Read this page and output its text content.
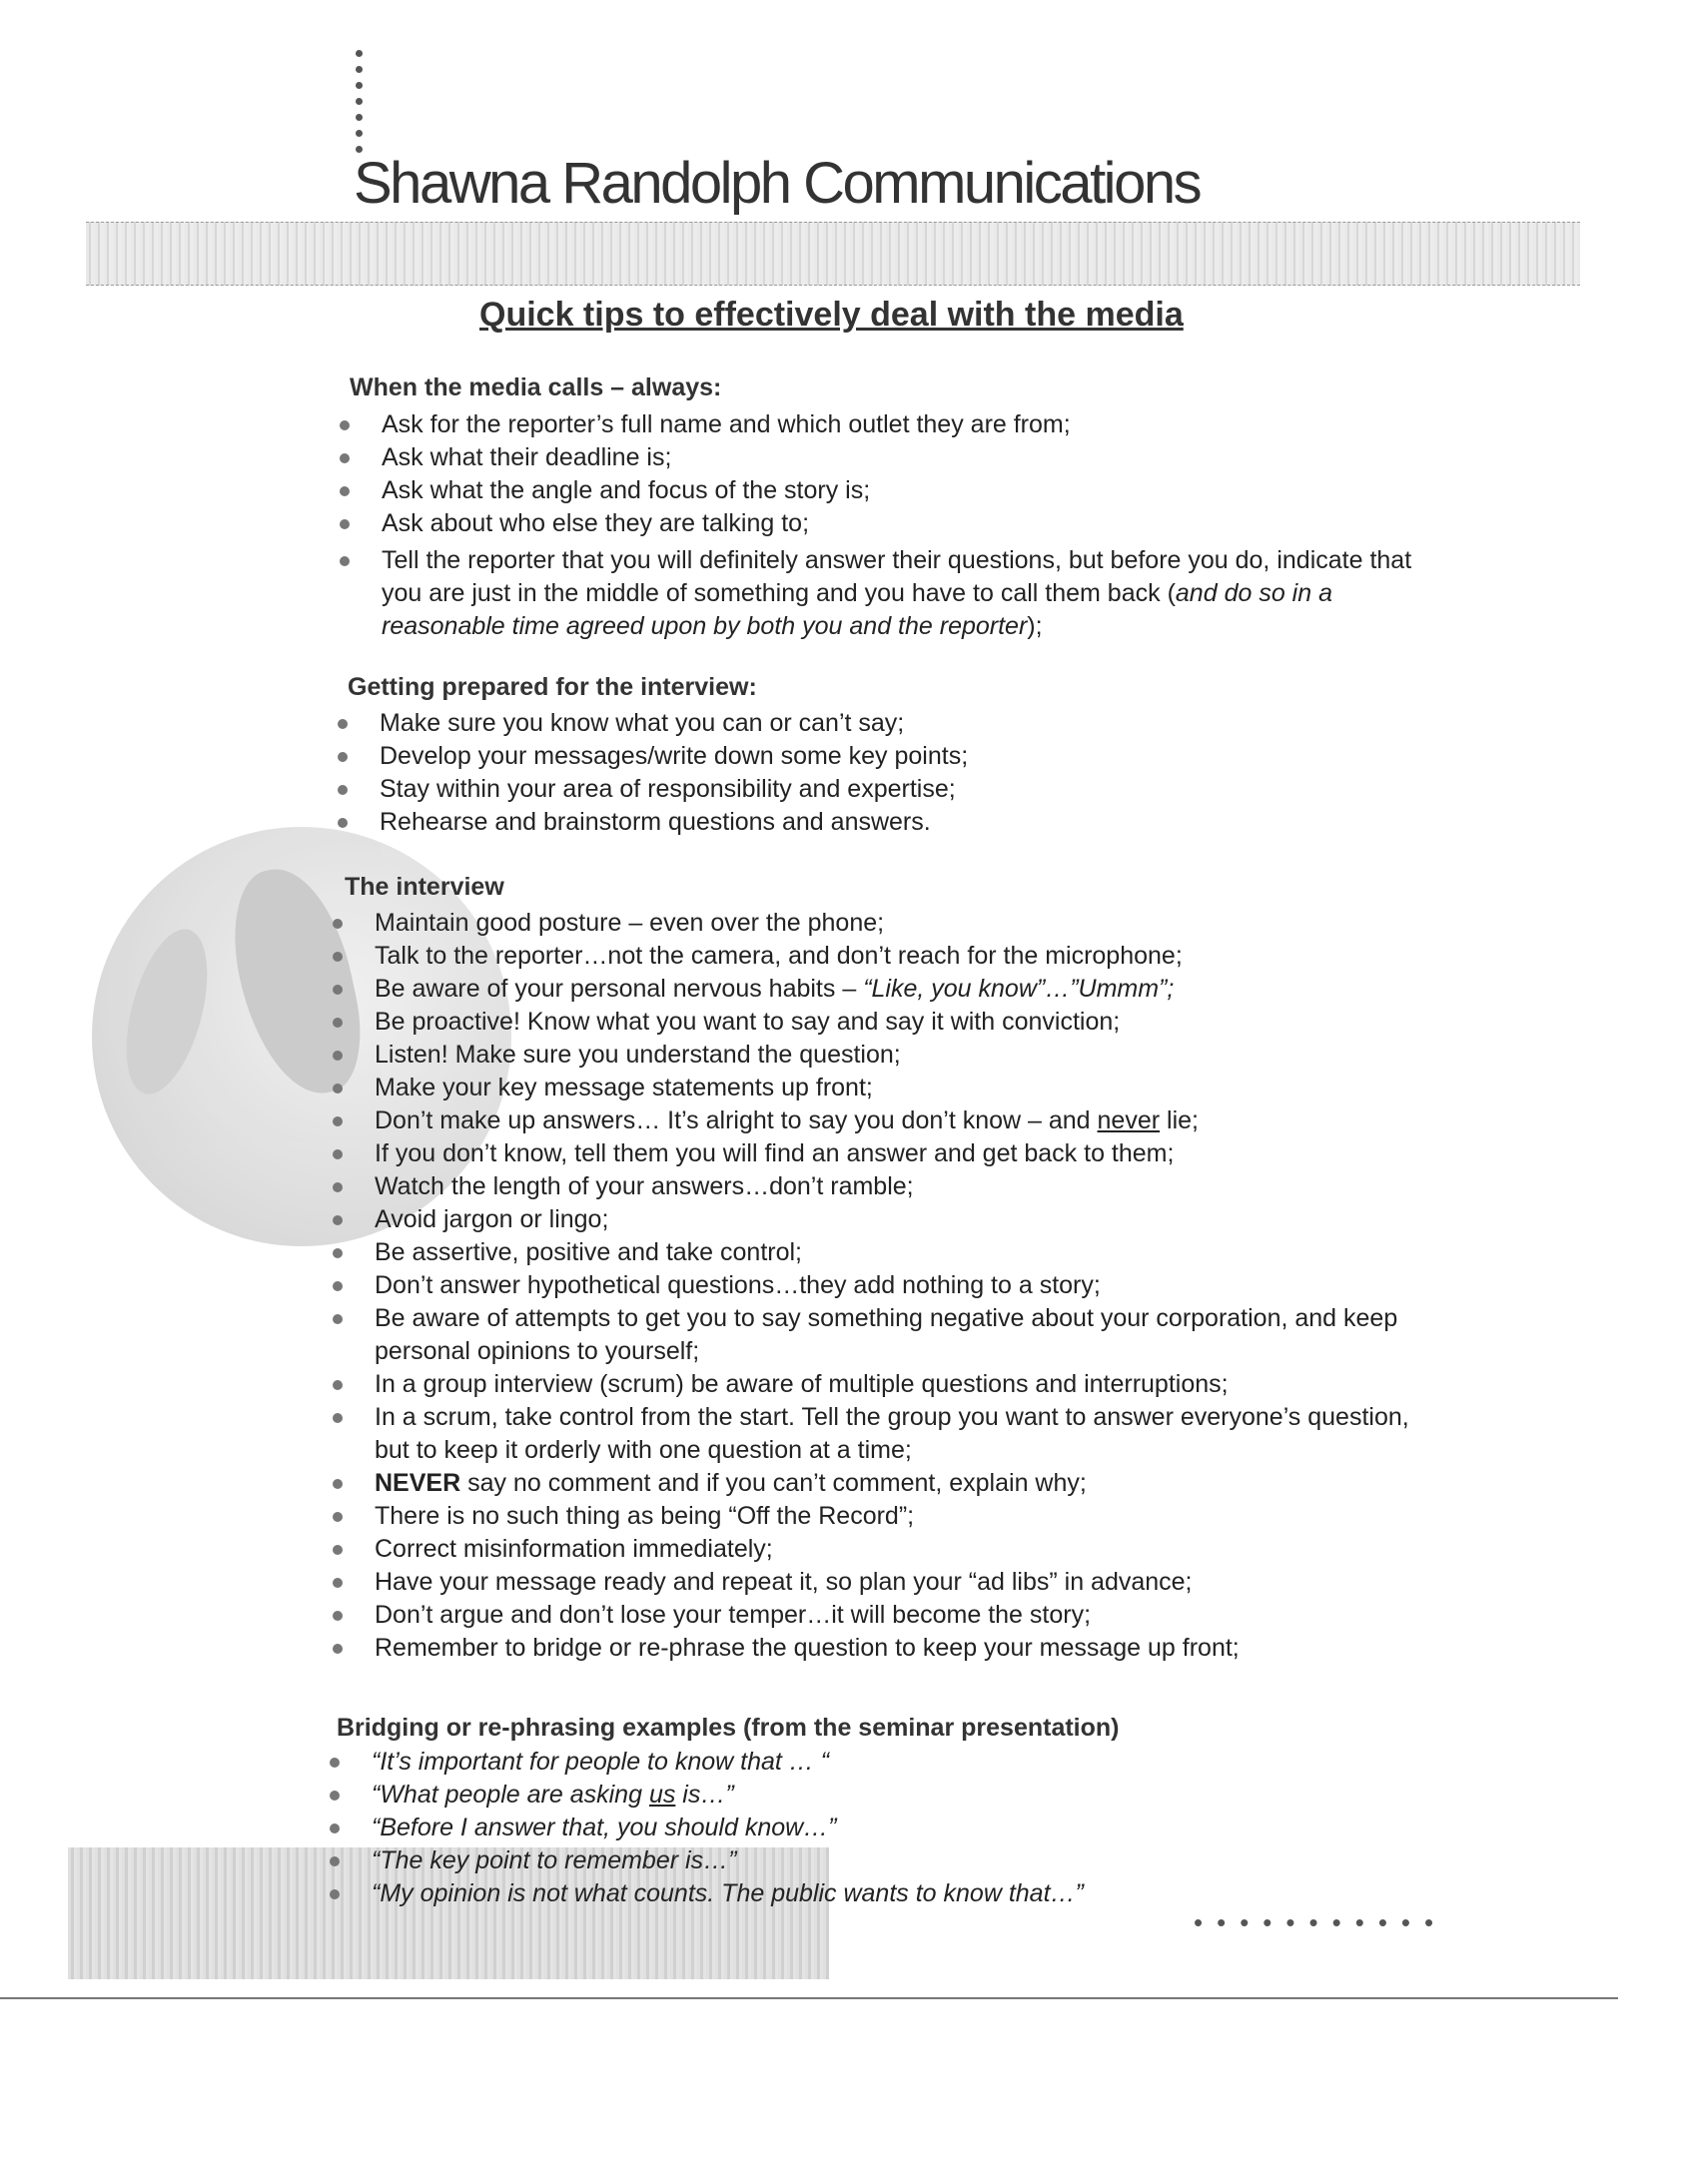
Shawna Randolph Communications
Quick tips to effectively deal with the media
When the media calls – always:
Ask for the reporter’s full name and which outlet they are from;
Ask what their deadline is;
Ask what the angle and focus of the story is;
Ask about who else they are talking to;
Tell the reporter that you will definitely answer their questions, but before you do, indicate that you are just in the middle of something and you have to call them back (and do so in a reasonable time agreed upon by both you and the reporter);
Getting prepared for the interview:
Make sure you know what you can or can’t say;
Develop your messages/write down some key points;
Stay within your area of responsibility and expertise;
Rehearse and brainstorm questions and answers.
The interview
Maintain good posture – even over the phone;
Talk to the reporter…not the camera, and don’t reach for the microphone;
Be aware of your personal nervous habits – “Like, you know”…”Ummm”;
Be proactive! Know what you want to say and say it with conviction;
Listen! Make sure you understand the question;
Make your key message statements up front;
Don’t make up answers… It’s alright to say you don’t know – and never lie;
If you don’t know, tell them you will find an answer and get back to them;
Watch the length of your answers…don’t ramble;
Avoid jargon or lingo;
Be assertive, positive and take control;
Don’t answer hypothetical questions…they add nothing to a story;
Be aware of attempts to get you to say something negative about your corporation, and keep personal opinions to yourself;
In a group interview (scrum) be aware of multiple questions and interruptions;
In a scrum, take control from the start. Tell the group you want to answer everyone’s question, but to keep it orderly with one question at a time;
NEVER say no comment and if you can’t comment, explain why;
There is no such thing as being “Off the Record”;
Correct misinformation immediately;
Have your message ready and repeat it, so plan your “ad libs” in advance;
Don’t argue and don’t lose your temper…it will become the story;
Remember to bridge or re-phrase the question to keep your message up front;
Bridging or re-phrasing examples (from the seminar presentation)
“It’s important for people to know that … “
“What people are asking us is…”
“Before I answer that, you should know…”
“The key point to remember is…”
“My opinion is not what counts. The public wants to know that…”
•••••••••••
